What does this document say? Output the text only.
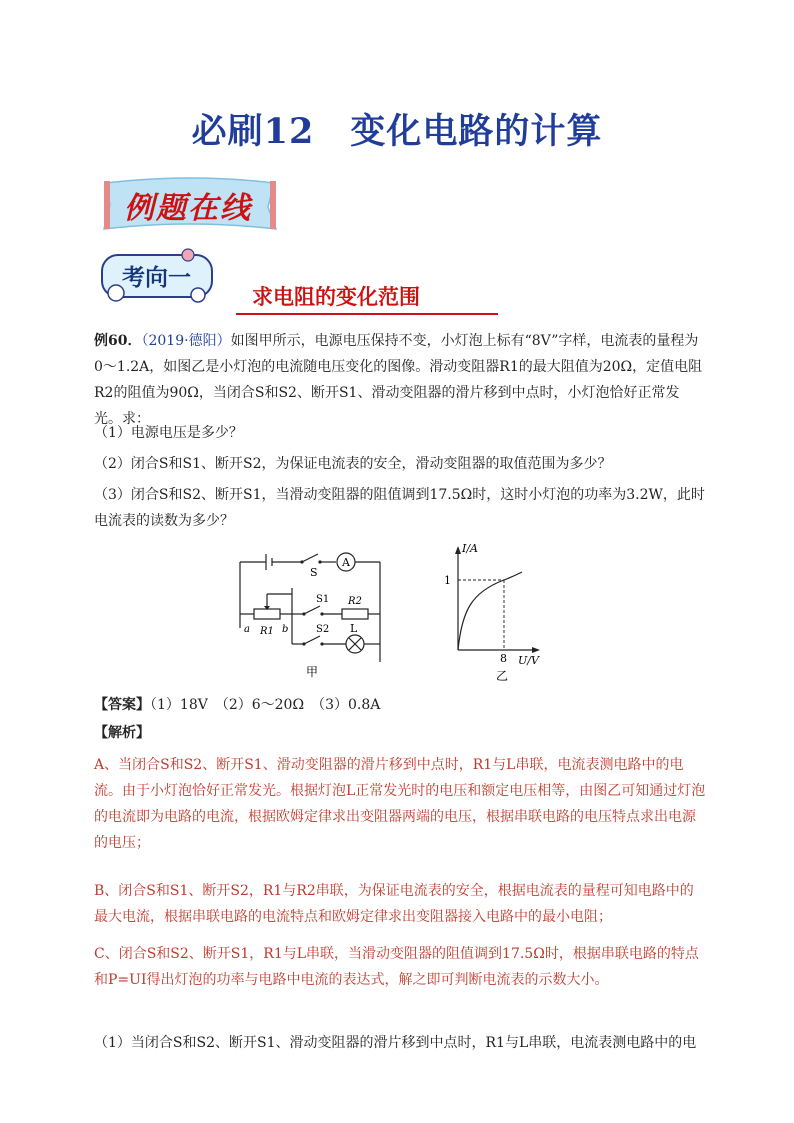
必刷12　变化电路的计算
例题在线
考向一
求电阻的变化范围
例60．（2019·德阳）如图甲所示，电源电压保持不变，小灯泡上标有“8V”字样，电流表的量程为0～1.2A，如图乙是小灯泡的电流随电压变化的图像。滑动变阻器R1的最大阻值为20Ω，定值电阻R2的阻值为90Ω，当闭合S和S2、断开S1、滑动变阻器的滑片移到中点时，小灯泡恰好正常发光。求：
（1）电源电压是多少？
（2）闭合S和S1、断开S2，为保证电流表的安全，滑动变阻器的取值范围为多少？
（3）闭合S和S2、断开S1，当滑动变阻器的阻值调到17.5Ω时，这时小灯泡的功率为3.2W，此时电流表的读数为多少？
A
S
S1 R2
S2 L
a	b
R1
甲
I/A
U/V
1
8
乙
【答案】（1）18V　（2）6～20Ω　（3）0.8A
【解析】
A、当闭合S和S2、断开S1、滑动变阻器的滑片移到中点时，R1与L串联，电流表测电路中的电流。由于小灯泡恰好正常发光。根据灯泡L正常发光时的电压和额定电压相等，由图乙可知通过灯泡的电流即为电路的电流，根据欧姆定律求出变阻器两端的电压，根据串联电路的电压特点求出电源的电压；
B、闭合S和S1、断开S2，R1与R2串联，为保证电流表的安全，根据电流表的量程可知电路中的最大电流，根据串联电路的电流特点和欧姆定律求出变阻器接入电路中的最小电阻；
C、闭合S和S2、断开S1，R1与L串联，当滑动变阻器的阻值调到17.5Ω时，根据串联电路的特点和P=UI得出灯泡的功率与电路中电流的表达式，解之即可判断电流表的示数大小。
（1）当闭合S和S2、断开S1、滑动变阻器的滑片移到中点时，R1与L串联，电流表测电路中的电
